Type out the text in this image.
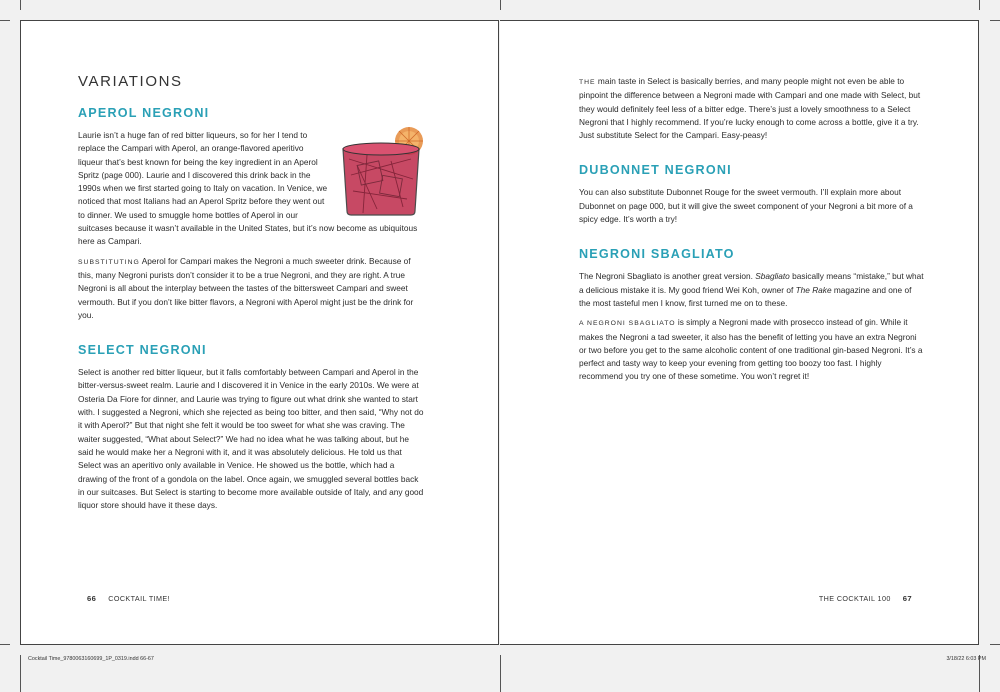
VARIATIONS
APEROL NEGRONI

Laurie isn’t a huge fan of red bitter liqueurs, so for her I tend to replace the Campari with Aperol, an orange-flavored aperitivo liqueur that’s best known for being the key ingredient in an Aperol Spritz (page 000). Laurie and I discovered this drink back in the 1990s when we first started going to Italy on vacation. In Venice, we noticed that most Italians had an Aperol Spritz before they went out to dinner. We used to smuggle home bottles of Aperol in our suitcases because it wasn’t available in the United States, but it’s now become as ubiquitous here as Campari.

SUBSTITUTING Aperol for Campari makes the Negroni a much sweeter drink. Because of this, many Negroni purists don’t consider it to be a true Negroni, and they are right. A true Negroni is all about the interplay between the tastes of the bittersweet Campari and sweet vermouth. But if you don’t like bitter flavors, a Negroni with Aperol might just be the drink for you.

SELECT NEGRONI

Select is another red bitter liqueur, but it falls comfortably between Campari and Aperol in the bitter-versus-sweet realm. Laurie and I discovered it in Venice in the early 2010s. We were at Osteria Da Fiore for dinner, and Laurie was trying to figure out what drink she wanted to start with. I suggested a Negroni, which she rejected as being too bitter, and then said, “Why not do it with Aperol?” But that night she felt it would be too sweet for what she was craving. The waiter suggested, “What about Select?” We had no idea what he was talking about, but he said he would make her a Negroni with it, and it was absolutely delicious. He told us that Select was an aperitivo only available in Venice. He showed us the bottle, which had a drawing of the front of a gondola on the label. Once again, we smuggled several bottles back in our suitcases. But Select is starting to become more available outside of Italy, and any good liquor store should have it these days.

66 COCKTAIL TIME!

THE main taste in Select is basically berries, and many people might not even be able to pinpoint the difference between a Negroni made with Campari and one made with Select, but they would definitely feel less of a bitter edge. There’s just a lovely smoothness to a Select Negroni that I highly recommend. If you’re lucky enough to come across a bottle, give it a try. Just substitute Select for the Campari. Easy-peasy!

DUBONNET NEGRONI

You can also substitute Dubonnet Rouge for the sweet vermouth. I’ll explain more about Dubonnet on page 000, but it will give the sweet component of your Negroni a bit more of a spicy edge. It’s worth a try!

NEGRONI SBAGLIATO

The Negroni Sbagliato is another great version. Sbagliato basically means “mistake,” but what a delicious mistake it is. My good friend Wei Koh, owner of The Rake magazine and one of the most tasteful men I know, first turned me on to these.

A NEGRONI SBAGLIATO is simply a Negroni made with prosecco instead of gin. While it makes the Negroni a tad sweeter, it also has the benefit of letting you have an extra Negroni or two before you get to the same alcoholic content of one traditional gin-based Negroni. It’s a perfect and tasty way to keep your evening from getting too boozy too fast. I highly recommend you try one of these sometime. You won’t regret it!

THE COCKTAIL 100 67
Cocktail Time_9780063160699_1P_0319.indd 66-67	3/18/22 6:03 PM
